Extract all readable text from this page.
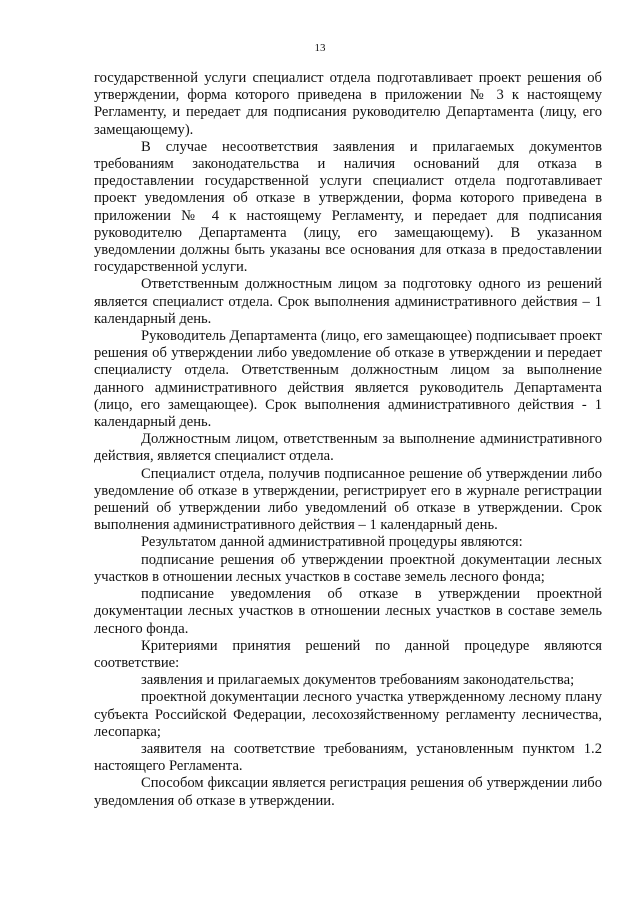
13

государственной услуги специалист отдела подготавливает проект решения об утверждении, форма которого приведена в приложении № 3 к настоящему Регламенту, и передает для подписания руководителю Департамента (лицу, его замещающему).

В случае несоответствия заявления и прилагаемых документов требованиям законодательства и наличия оснований для отказа в предоставлении государственной услуги специалист отдела подготавливает проект уведомления об отказе в утверждении, форма которого приведена в приложении № 4 к настоящему Регламенту, и передает для подписания руководителю Департамента (лицу, его замещающему). В указанном уведомлении должны быть указаны все основания для отказа в предоставлении государственной услуги.

Ответственным должностным лицом за подготовку одного из решений является специалист отдела. Срок выполнения административного действия – 1 календарный день.

Руководитель Департамента (лицо, его замещающее) подписывает проект решения об утверждении либо уведомление об отказе в утверждении и передает специалисту отдела. Ответственным должностным лицом за выполнение данного административного действия является руководитель Департамента (лицо, его замещающее). Срок выполнения административного действия - 1 календарный день.

Должностным лицом, ответственным за выполнение административного действия, является специалист отдела.

Специалист отдела, получив подписанное решение об утверждении либо уведомление об отказе в утверждении, регистрирует его в журнале регистрации решений об утверждении либо уведомлений об отказе в утверждении. Срок выполнения административного действия – 1 календарный день.

Результатом данной административной процедуры являются:

подписание решения об утверждении проектной документации лесных участков в отношении лесных участков в составе земель лесного фонда;

подписание уведомления об отказе в утверждении проектной документации лесных участков в отношении лесных участков в составе земель лесного фонда.

Критериями принятия решений по данной процедуре являются соответствие:

заявления и прилагаемых документов требованиям законодательства;

проектной документации лесного участка утвержденному лесному плану субъекта Российской Федерации, лесохозяйственному регламенту лесничества, лесопарка;

заявителя на соответствие требованиям, установленным пунктом 1.2 настоящего Регламента.

Способом фиксации является регистрация решения об утверждении либо уведомления об отказе в утверждении.
